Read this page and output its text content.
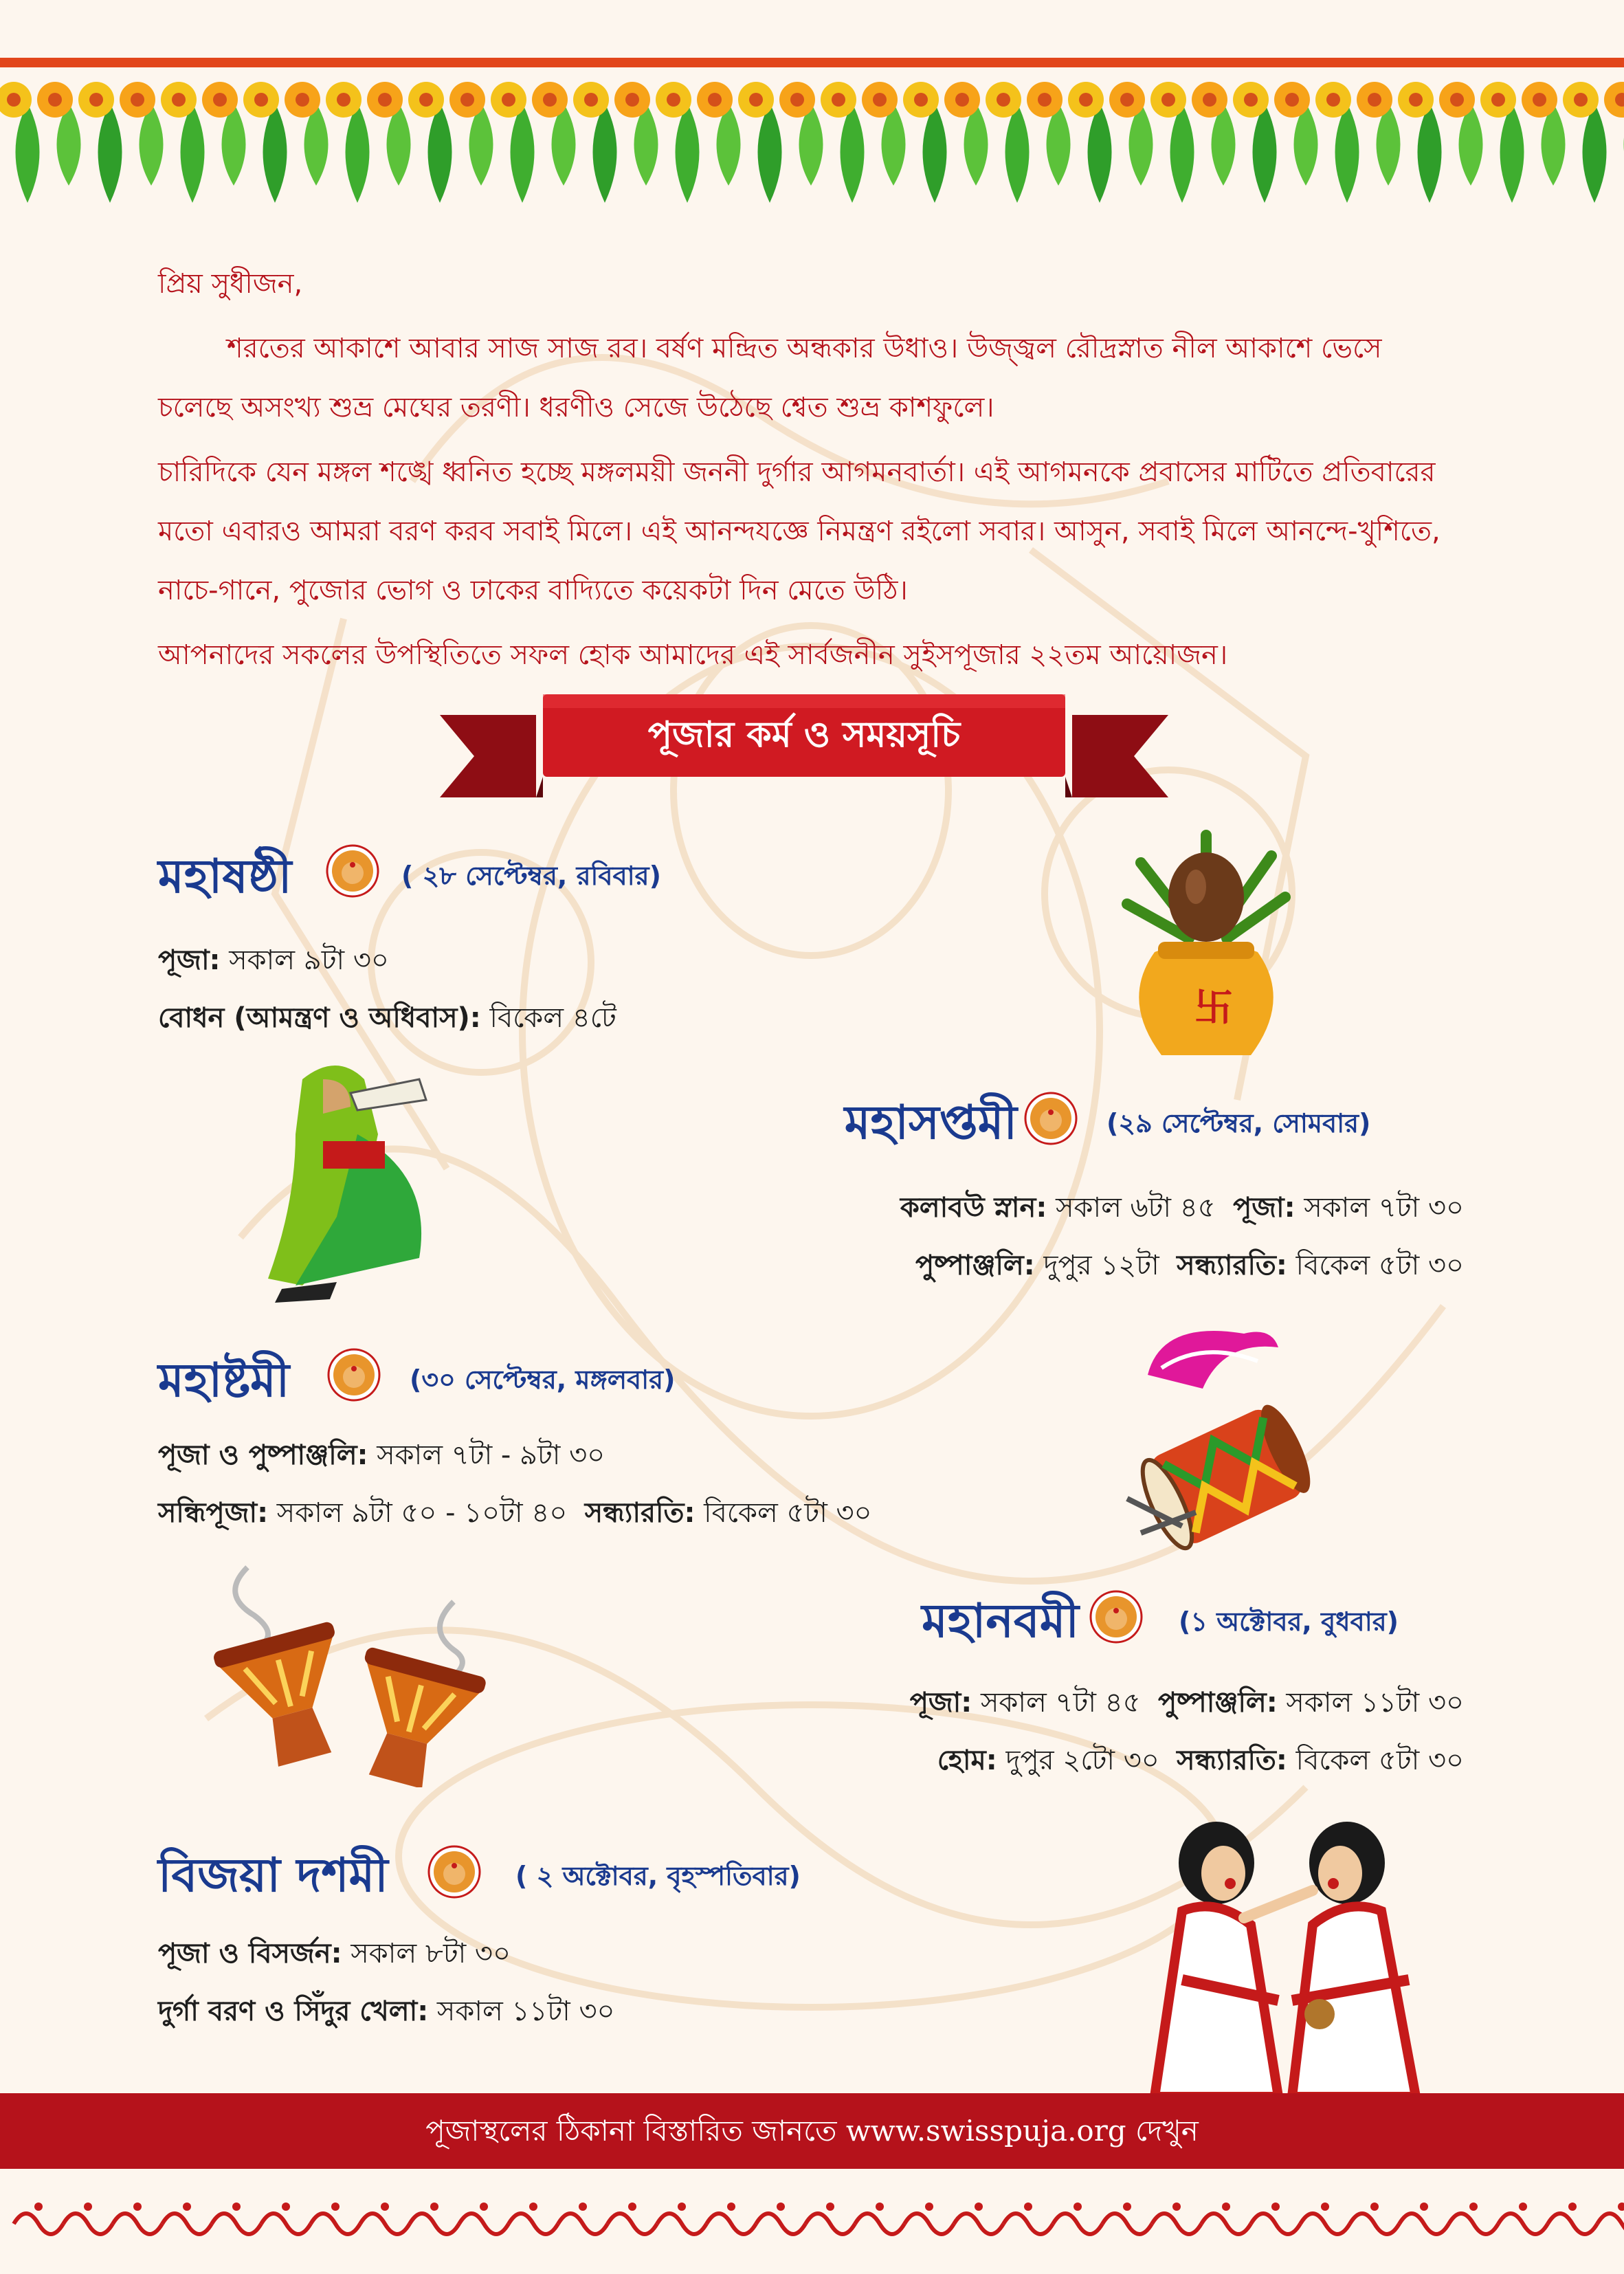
প্রিয় সুধীজন,

শরতের আকাশে আবার সাজ সাজ রব। বর্ষণ মন্দ্রিত অন্ধকার উধাও। উজ্জ্বল রৌদ্রস্নাত নীল আকাশে ভেসে চলেছে অসংখ্য শুভ্র মেঘের তরণী। ধরণীও সেজে উঠেছে শ্বেত শুভ্র কাশফুলে।

চারিদিকে যেন মঙ্গল শঙ্খে ধ্বনিত হচ্ছে মঙ্গলময়ী জননী দুর্গার আগমনবার্তা। এই আগমনকে প্রবাসের মাটিতে প্রতিবারের মতো এবারও আমরা বরণ করব সবাই মিলে। এই আনন্দযজ্ঞে নিমন্ত্রণ রইলো সবার। আসুন, সবাই মিলে আনন্দে-খুশিতে, নাচে-গানে, পুজোর ভোগ ও ঢাকের বাদ্যিতে কয়েকটা দিন মেতে উঠি।

আপনাদের সকলের উপস্থিতিতে সফল হোক আমাদের এই সার্বজনীন সুইসপূজার ২২তম আয়োজন।

পূজার কর্ম ও সময়সূচি
মহাষষ্ঠী	( ২৮ সেপ্টেম্বর, রবিবার)
পূজা: সকাল ৯টা ৩০
বোধন (আমন্ত্রণ ও অধিবাস): বিকেল ৪টে	卐
মহাসপ্তমী	(২৯ সেপ্টেম্বর, সোমবার)
কলাবউ স্নান: সকাল ৬টা ৪৫ পূজা: সকাল ৭টা ৩০
পুষ্পাঞ্জলি: দুপুর ১২টা সন্ধ্যারতি: বিকেল ৫টা ৩০
মহাষ্টমী	(৩০ সেপ্টেম্বর, মঙ্গলবার)
পূজা ও পুষ্পাঞ্জলি: সকাল ৭টা - ৯টা ৩০
সন্ধিপূজা: সকাল ৯টা ৫০ - ১০টা ৪০ সন্ধ্যারতি: বিকেল ৫টা ৩০
মহানবমী	(১ অক্টোবর, বুধবার)
পূজা: সকাল ৭টা ৪৫ পুষ্পাঞ্জলি: সকাল ১১টা ৩০
হোম: দুপুর ২টো ৩০ সন্ধ্যারতি: বিকেল ৫টা ৩০
বিজয়া দশমী	( ২ অক্টোবর, বৃহস্পতিবার)
পূজা ও বিসর্জন: সকাল ৮টা ৩০
দুর্গা বরণ ও সিঁদুর খেলা: সকাল ১১টা ৩০
পূজাস্থলের ঠিকানা বিস্তারিত জানতে www.swisspuja.org দেখুন
